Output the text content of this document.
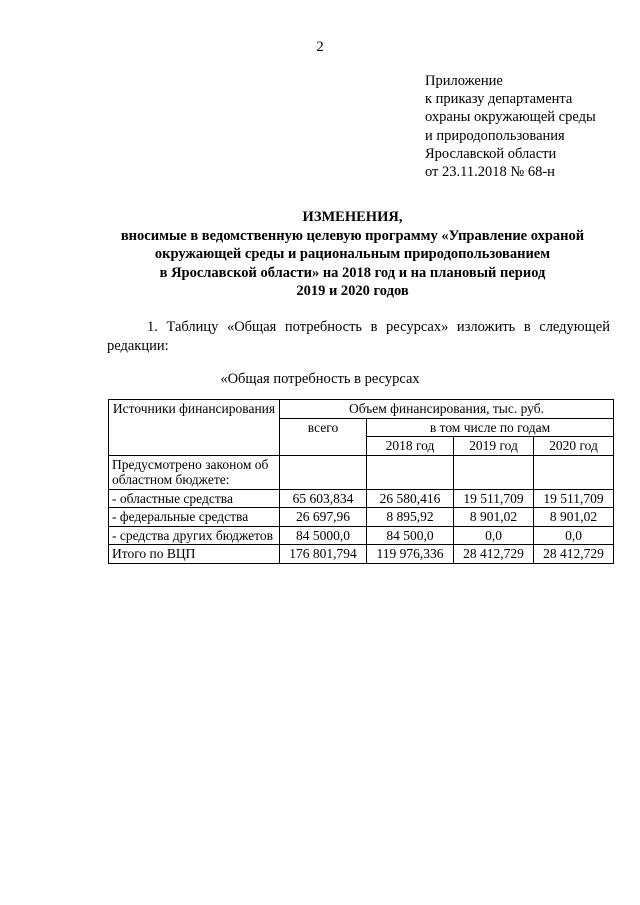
2
Приложение
к приказу департамента
охраны окружающей среды
и природопользования
Ярославской области
от 23.11.2018 № 68-н
ИЗМЕНЕНИЯ,
вносимые в ведомственную целевую программу «Управление охраной
окружающей среды и рациональным природопользованием
в Ярославской области» на 2018 год и на плановый период
2019 и 2020 годов
1. Таблицу «Общая потребность в ресурсах» изложить в следующей
редакции:
«Общая потребность в ресурсах
Источники финансирования	Объем финансирования, тыс. руб.			
	всего	в том числе по годам		
		2018 год	2019 год	2020 год
Предусмотрено законом об областном бюджете:				
- областные средства	65 603,834	26 580,416	19 511,709	19 511,709
- федеральные средства	26 697,96	8 895,92	8 901,02	8 901,02
- средства других бюджетов	84 5000,0	84 500,0	0,0	0,0
Итого по ВЦП	176 801,794	119 976,336	28 412,729	28 412,729
